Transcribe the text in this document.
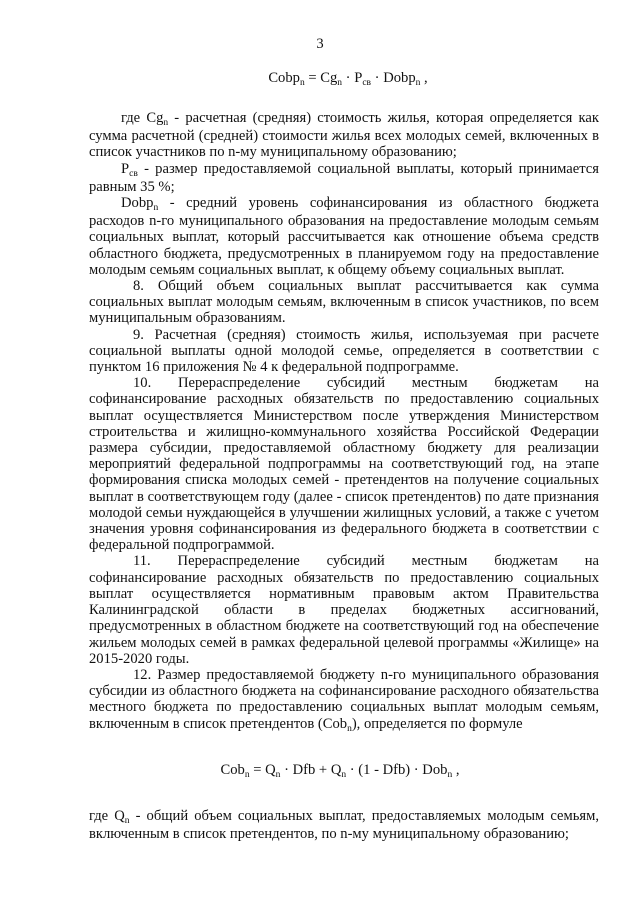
3
Cobp$_n$ = $Cg_n \cdot P_{св}$ · Dobp$_n$ ,

где $Cg_n$ - расчетная (средняя) стоимость жилья, которая определяется как сумма расчетной (средней) стоимости жилья всех молодых семей, включенных в список участников по n-му муниципальному образованию;

$P_{св}$ - размер предоставляемой социальной выплаты, который принимается равным 35 %;

Dobp$_n$ - средний уровень софинансирования из областного бюджета расходов n-го муниципального образования на предоставление молодым семьям социальных выплат, который рассчитывается как отношение объема средств областного бюджета, предусмотренных в планируемом году на предоставление молодым семьям социальных выплат, к общему объему социальных выплат.

8. Общий объем социальных выплат рассчитывается как сумма социальных выплат молодым семьям, включенным в список участников, по всем муниципальным образованиям.

9. Расчетная (средняя) стоимость жилья, используемая при расчете социальной выплаты одной молодой семье, определяется в соответствии с пунктом 16 приложения № 4 к федеральной подпрограмме.

10. Перераспределение субсидий местным бюджетам на софинансирование расходных обязательств по предоставлению социальных выплат осуществляется Министерством после утверждения Министерством строительства и жилищно-коммунального хозяйства Российской Федерации размера субсидии, предоставляемой областному бюджету для реализации мероприятий федеральной подпрограммы на соответствующий год, на этапе формирования списка молодых семей - претендентов на получение социальных выплат в соответствующем году (далее - список претендентов) по дате признания молодой семьи нуждающейся в улучшении жилищных условий, а также с учетом значения уровня софинансирования из федерального бюджета в соответствии с федеральной подпрограммой.

11. Перераспределение субсидий местным бюджетам на софинансирование расходных обязательств по предоставлению социальных выплат осуществляется нормативным правовым актом Правительства Калининградской области в пределах бюджетных ассигнований, предусмотренных в областном бюджете на соответствующий год на обеспечение жильем молодых семей в рамках федеральной целевой программы «Жилище» на 2015-2020 годы.

12. Размер предоставляемой бюджету n-го муниципального образования субсидии из областного бюджета на софинансирование расходного обязательства местного бюджета по предоставлению социальных выплат молодым семьям, включенным в список претендентов (Cob$_n$), определяется по формуле

$Cob_n = Q_n$ · Dfb + $Q_n \cdot (1 - Dfb) \cdot Dob_n$ ,

где $Q_n$ - общий объем социальных выплат, предоставляемых молодым семьям, включенным в список претендентов, по n-му муниципальному образованию;
